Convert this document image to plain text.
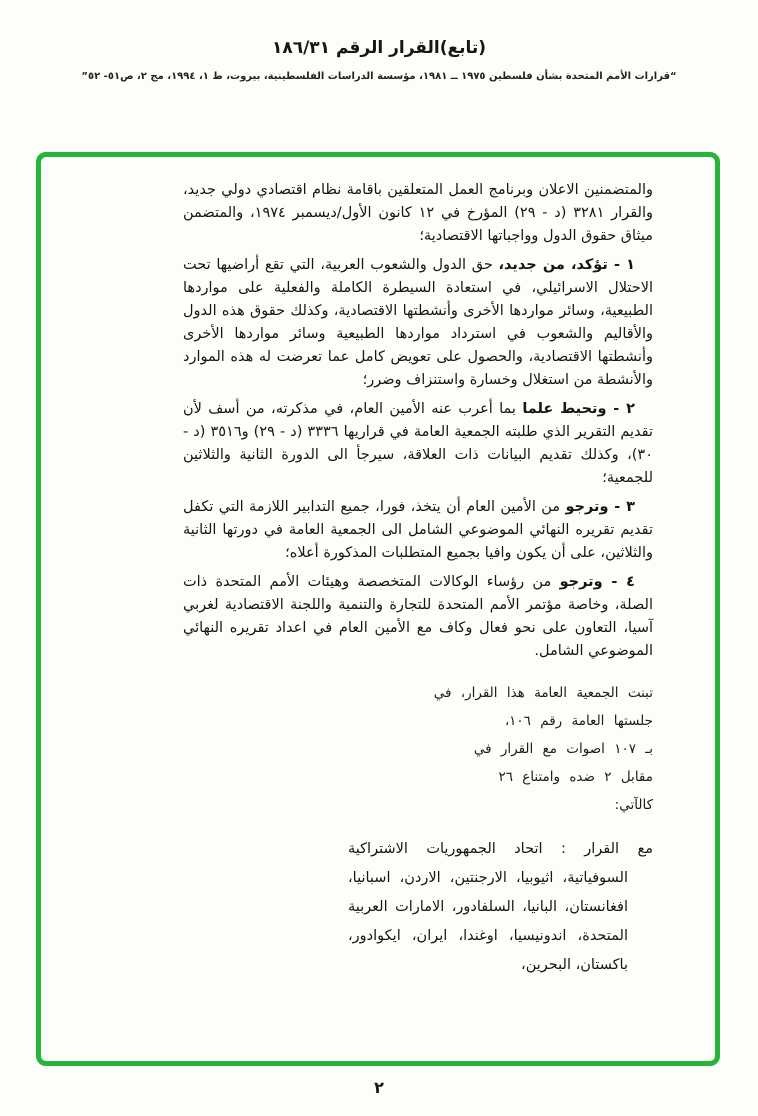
(تابع)القرار الرقم ١٨٦/٣١
“قرارات الأمم المتحدة بشأن فلسطين ١٩٧٥ ــ ١٩٨١، مؤسسة الدراسات الفلسطينية، بيروت، ط ١، ١٩٩٤، مج ٢، ص٥١- ٥٢”

والمتضمنين الاعلان وبرنامج العمل المتعلقين باقامة نظام اقتصادي دولي جديد، والقرار ٣٢٨١ (د - ٢٩) المؤرخ في ١٢ كانون الأول/ديسمبر ١٩٧٤، والمتضمن ميثاق حقوق الدول وواجباتها الاقتصادية؛

١ - تؤكد، من جديد، حق الدول والشعوب العربية، التي تقع أراضيها تحت الاحتلال الاسرائيلي، في استعادة السيطرة الكاملة والفعلية على مواردها الطبيعية، وسائر مواردها الأخرى وأنشطتها الاقتصادية، وكذلك حقوق هذه الدول والأقاليم والشعوب في استرداد مواردها الطبيعية وسائر مواردها الأخرى وأنشطتها الاقتصادية، والحصول على تعويض كامل عما تعرضت له هذه الموارد والأنشطة من استغلال وخسارة واستنزاف وضرر؛

٢ - وتحيط علما بما أعرب عنه الأمين العام، في مذكرته، من أسف لأن تقديم التقرير الذي طلبته الجمعية العامة في قراريها ٣٣٣٦ (د - ٢٩) و٣٥١٦ (د - ٣٠)، وكذلك تقديم البيانات ذات العلاقة، سيرجأ الى الدورة الثانية والثلاثين للجمعية؛

٣ - وترجو من الأمين العام أن يتخذ، فورا، جميع التدابير اللازمة التي تكفل تقديم تقريره النهائي الموضوعي الشامل الى الجمعية العامة في دورتها الثانية والثلاثين، على أن يكون وافيا بجميع المتطلبات المذكورة أعلاه؛

٤ - وترجو من رؤساء الوكالات المتخصصة وهيئات الأمم المتحدة ذات الصلة، وخاصة مؤتمر الأمم المتحدة للتجارة والتنمية واللجنة الاقتصادية لغربي آسيا، التعاون على نحو فعال وكاف مع الأمين العام في اعداد تقريره النهائي الموضوعي الشامل.

تبنت الجمعية العامة هذا القرار، في
جلستها العامة رقم ١٠٦،
بـ ١٠٧ اصوات مع القرار في
مقابل ٢ ضده وامتناع ٢٦
كالآتي:
مع القرار : اتحاد الجمهوريات الاشتراكية السوفياتية، اثيوبيا، الارجنتين، الاردن، اسبانيا، افغانستان، البانيا، السلفادور، الامارات العربية المتحدة، اندونيسيا، اوغندا، ايران، ايكوادور، باكستان، البحرين،
٢
